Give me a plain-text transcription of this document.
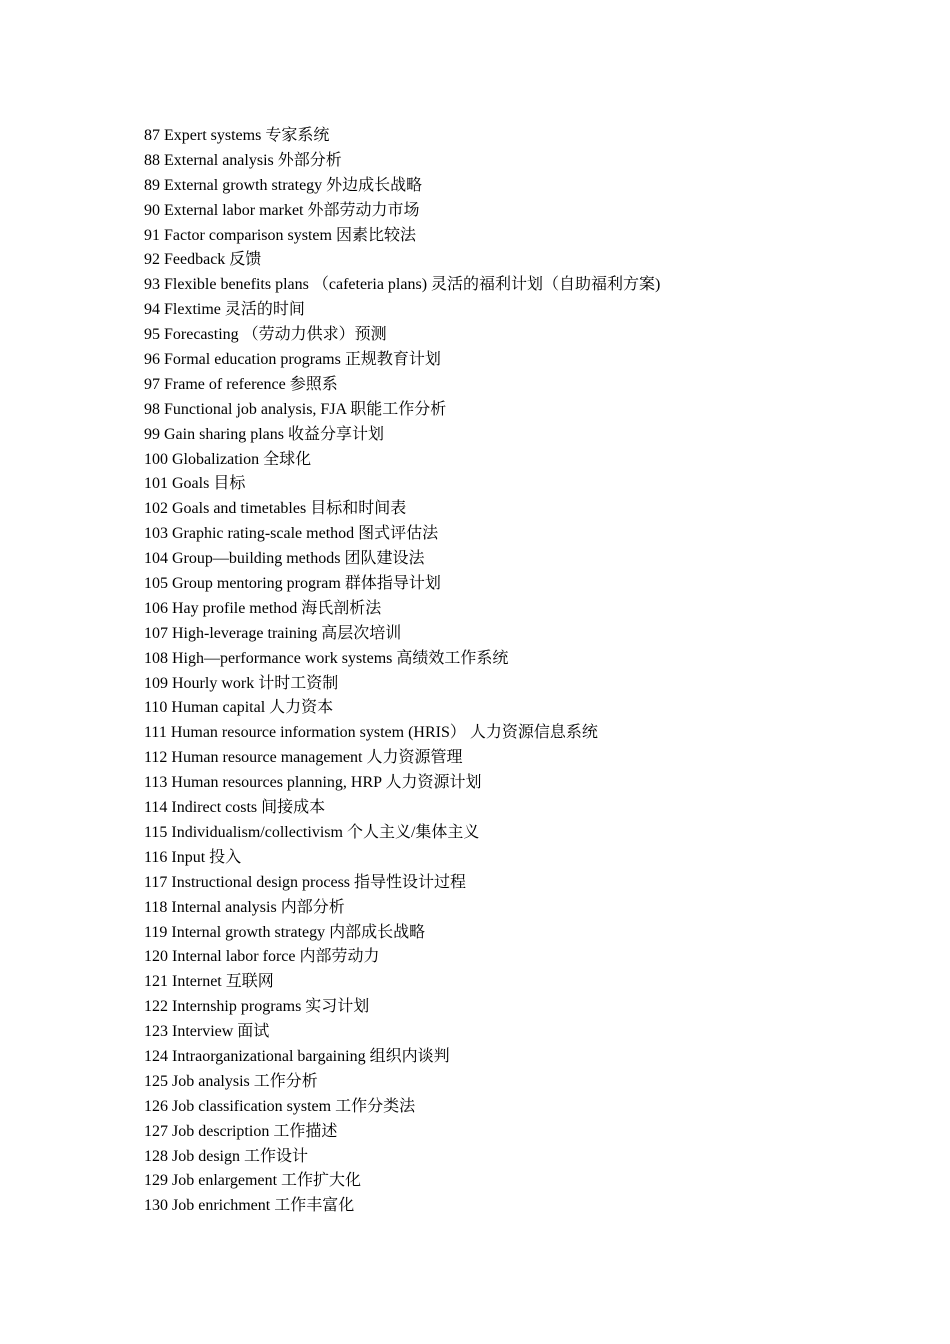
87 Expert systems 专家系统
88 External analysis 外部分析
89 External growth strategy 外边成长战略
90 External labor market 外部劳动力市场
91 Factor comparison system 因素比较法
92 Feedback 反馈
93 Flexible benefits plans （cafeteria plans) 灵活的福利计划（自助福利方案)
94 Flextime 灵活的时间
95 Forecasting （劳动力供求）预测
96 Formal education programs 正规教育计划
97 Frame of reference 参照系
98 Functional job analysis, FJA 职能工作分析
99 Gain sharing plans 收益分享计划
100 Globalization 全球化
101 Goals 目标
102 Goals and timetables 目标和时间表
103 Graphic rating-scale method 图式评估法
104 Group—building methods 团队建设法
105 Group mentoring program 群体指导计划
106 Hay profile method 海氏剖析法
107 High-leverage training 高层次培训
108 High—performance work systems 高绩效工作系统
109 Hourly work 计时工资制
110 Human capital 人力资本
111 Human resource information system (HRIS） 人力资源信息系统
112 Human resource management 人力资源管理
113 Human resources planning, HRP 人力资源计划
114 Indirect costs 间接成本
115 Individualism/collectivism 个人主义/集体主义
116 Input 投入
117 Instructional design process 指导性设计过程
118 Internal analysis 内部分析
119 Internal growth strategy 内部成长战略
120 Internal labor force 内部劳动力
121 Internet 互联网
122 Internship programs 实习计划
123 Interview 面试
124 Intraorganizational bargaining 组织内谈判
125 Job analysis 工作分析
126 Job classification system 工作分类法
127 Job description 工作描述
128 Job design 工作设计
129 Job enlargement 工作扩大化
130 Job enrichment 工作丰富化
